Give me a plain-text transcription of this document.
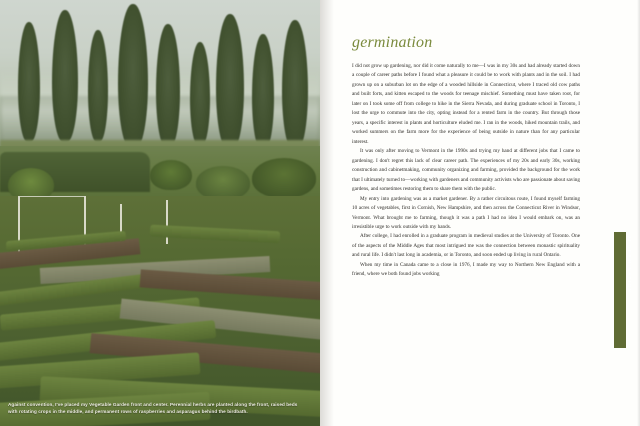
Against convention, I've placed my Vegetable Garden front and center. Perennial herbs are planted along the front, raised beds with rotating crops in the middle, and permanent rows of raspberries and asparagus behind the birdbath.
germination

I did not grow up gardening, nor did it come naturally to me—I was in my 30s and had already started down a couple of career paths before I found what a pleasure it could be to work with plants and in the soil. I had grown up on a suburban lot on the edge of a wooded hillside in Connecticut, where I traced old cow paths and built forts, and kitten escaped to the woods for teenage mischief. Something must have taken root, for later on I took some off from college to hike in the Sierra Nevada, and during graduate school in Toronto, I lost the urge to commute into the city, opting instead for a rented farm in the country. But through those years, a specific interest in plants and horticulture eluded me. I ran in the woods, hiked mountain trails, and worked summers on the farm more for the experience of being outside in nature than for any particular interest.

It was only after moving to Vermont in the 1990s and trying my hand at different jobs that I came to gardening. I don't regret this lack of clear career path. The experiences of my 20s and early 30s, working construction and cabinetmaking, community organizing and farming, provided the background for the work that I ultimately turned to—working with gardeners and community activists who are passionate about saving gardens, and sometimes restoring them to share them with the public.

My entry into gardening was as a market gardener. By a rather circuitous route, I found myself farming 10 acres of vegetables, first in Cornish, New Hampshire, and then across the Connecticut River in Windsor, Vermont. What brought me to farming, though it was a path I had no idea I would embark on, was an irresistible urge to work outside with my hands.

After college, I had enrolled in a graduate program in medieval studies at the University of Toronto. One of the aspects of the Middle Ages that most intrigued me was the connection between monastic spirituality and rural life. I didn't last long in academia, or in Toronto, and soon ended up living in rural Ontario.

When my time in Canada came to a close in 1976, I made my way to Northern New England with a friend, where we both found jobs working

23
GERMINATION
